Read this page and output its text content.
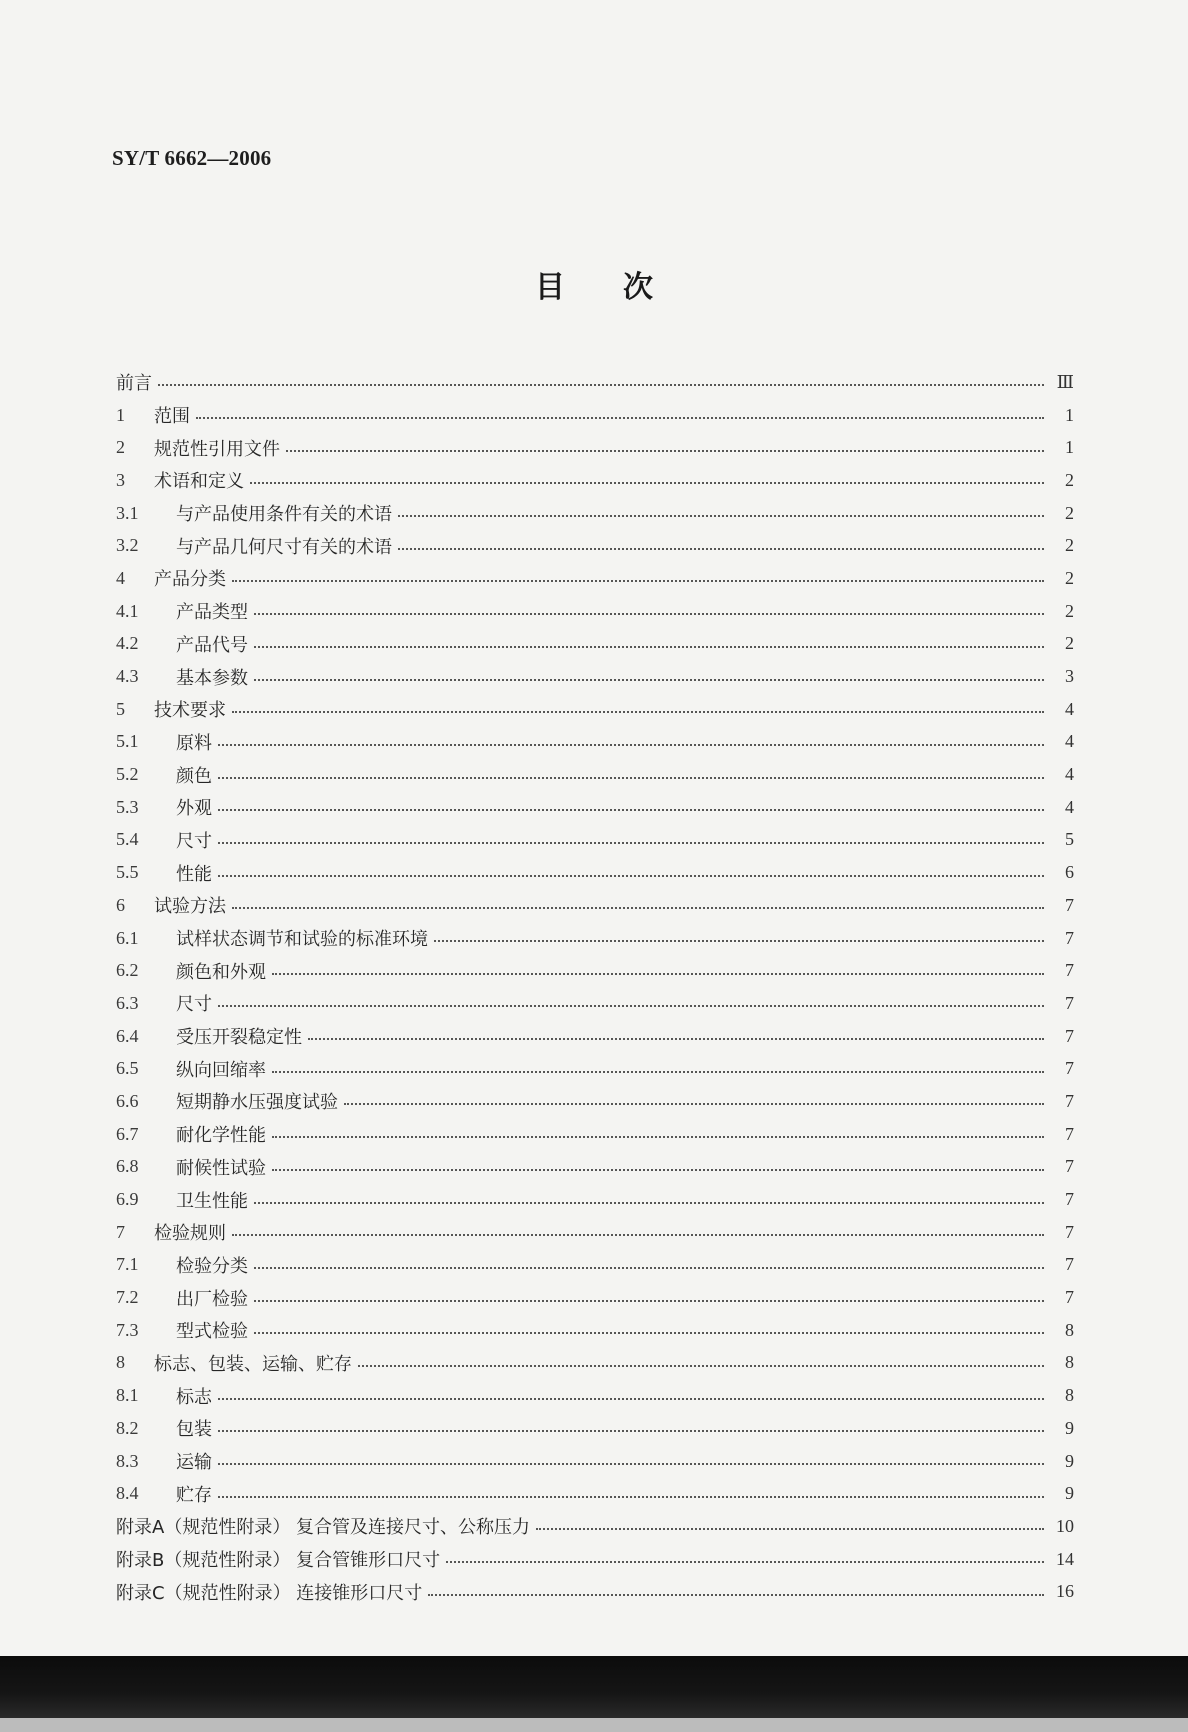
SY/T 6662—2006
目次
前言	Ⅲ
1	范围	1
2	规范性引用文件	1
3	术语和定义	2
3.1	与产品使用条件有关的术语	2
3.2	与产品几何尺寸有关的术语	2
4	产品分类	2
4.1	产品类型	2
4.2	产品代号	2
4.3	基本参数	3
5	技术要求	4
5.1	原料	4
5.2	颜色	4
5.3	外观	4
5.4	尺寸	5
5.5	性能	6
6	试验方法	7
6.1	试样状态调节和试验的标准环境	7
6.2	颜色和外观	7
6.3	尺寸	7
6.4	受压开裂稳定性	7
6.5	纵向回缩率	7
6.6	短期静水压强度试验	7
6.7	耐化学性能	7
6.8	耐候性试验	7
6.9	卫生性能	7
7	检验规则	7
7.1	检验分类	7
7.2	出厂检验	7
7.3	型式检验	8
8	标志、包装、运输、贮存	8
8.1	标志	8
8.2	包装	9
8.3	运输	9
8.4	贮存	9
附录A（规范性附录） 复合管及连接尺寸、公称压力	10
附录B（规范性附录） 复合管锥形口尺寸	14
附录C（规范性附录） 连接锥形口尺寸	16
